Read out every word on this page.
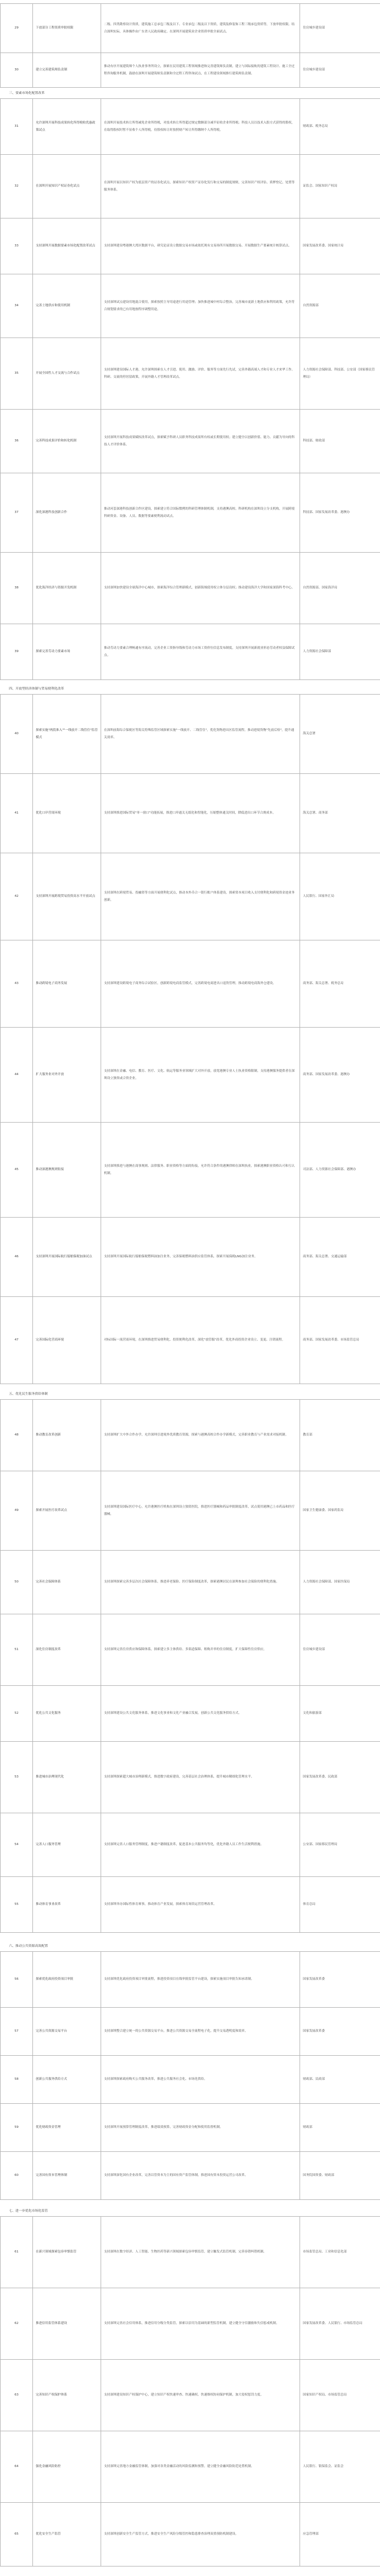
29	下放部分工程资质审批权限	二级、四类勘察设计资质，建筑施工总承包三级及以下、专业承包二级及以下资质，建筑装修装饰工程三级承包资质等，下放审批权限。结合深圳实际，具体操作由广东省人民政府确定。在深圳开展建筑业企业资质审批全面试点。	住房城乡建设部
30	建立完善建筑师负责制	推动有序开展建筑师个人执业事务所设立，探索在民用建筑工程领域推进和完善建筑师负责制，建立与国际接轨的建筑工程设计、施工全过程咨询服务机制，鼓励在深圳开展建筑师负责制和全过程工程咨询试点，在工程建设领域推行建筑师负责制。	住房城乡建设部
三、要素市场化配置改革
31	允许深圳开展科技成果转化所得税收优惠政策试点	在深圳开展技术转让所得减免企业所得税，对技术转让所得超过规定数额部分减半征收企业所得税；科技人员以技术入股方式获得的股权，在取得股权时暂不征收个人所得税，待股权转让时按照财产转让所得缴纳个人所得税。	财政部、税务总局
32	在深圳开展知识产权证券化试点	在深圳开展以知识产权为底层资产的证券化试点，探索知识产权资产证券化发行和交易的制度规则，完善知识产权评估、质押登记、处置等服务体系。	证监会、国家知识产权局
33	支持深圳开展数据要素市场化配置改革试点	支持深圳建设粤港澳大湾区数据平台，研究论证设立数据交易市场或依托现有交易场所开展数据交易。开展数据生产要素统计核算试点。	国家发展改革委、国家统计局
34	完善土地供应和使用机制	支持深圳试点建设用地混合使用，探索按照主导用途进行用途管理；加快推进城中村综合整治，完善城市更新土地供应和利用政策，允许符合规划要求的已有用地按程序调整用途。	自然资源部
35	开展全国性人才交流与合作试点	支持深圳建设国际人才港，允许深圳探索在人才引进、使用、激励、评价、服务等方面先行先试，完善外籍高端人才和专业人才来华工作、科研、交流的停居留政策，开展外籍人才管理改革试点。	人力资源社会保障部、科技部、公安部（国家移民管理局）
36	完善科技成果评价和转化机制	支持深圳开展科技成果赋权改革试点，探索赋予科研人员职务科技成果所有权或长期使用权；建立健全以创新价值、能力、贡献为导向的科技人才评价体系。	科技部、财政部
37	深化深港科技创新合作	推动河套深港科技创新合作区建设，探索建立符合国际惯例的科研管理体制机制，支持港澳高校、科研机构在深圳设立分支机构，开展跨境科研资金、设备、人员、数据等要素便利流动试点。	科技部、国家发展改革委、港澳办
38	优化海洋经济与资源开发机制	支持深圳加快建设全球海洋中心城市，探索海洋综合管理新模式，创新海域使用权立体分层设权；推动建设海洋大学和国家深海科考中心。	自然资源部、国家海洋局
39	探索完善劳动力要素市场	推动劳动力要素合理畅通有序流动，完善企业工资指导线和劳动力市场工资价位信息发布制度，支持深圳开展新就业形态劳动者权益保障试点。	人力资源社会保障部
四、开放型经济体制与贸易便利化改革
40	探索实施"两段准入""一线放开二线管住"监管模式	在深圳前海综合保税区等海关特殊监管区域探索实施"一线放开、二线管住"，优化货物进出区监管流程，推动进境货物"先放后检"，提升通关效率。	海关总署
41	优化口岸营商环境	支持深圳推进国际贸易"单一窗口"功能拓展，推进口岸通关无纸化和智能化，压缩整体通关时间，降低进出口环节合规成本。	海关总署、商务部
42	支持深圳开展跨境贸易投资高水平开放试点	支持深圳在跨境贸易、投融资等方面开展便利化试点，推动本外币合一银行账户体系建设，探索资本项目收入支付便利化和跨境资金池业务创新。	人民银行、国家外汇局
43	推动跨境电子商务发展	支持深圳建设跨境电子商务综合试验区，创新跨境电商监管模式，完善跨境电商进出口退货管理，推动跨境电商海外仓建设。	商务部、海关总署、税务总局
44	扩大服务业对外开放	支持深圳在金融、电信、教育、医疗、文化、航运等服务业领域扩大对外开放，放宽港澳专业人士执业资格限制，支持港澳服务提供者在深圳设立独资或合资企业。	商务部、国家发展改革委、港澳办
45	推动深港澳规则衔接	支持深圳推进与港澳在商事规则、法律服务、职业资格等方面的衔接，允许符合条件的港澳律师在深圳执业，探索港澳职业资格认可和互认机制。	司法部、人力资源社会保障部、港澳办
46	支持深圳开展国际航行船舶保税加油试点	支持深圳开展国际航行船舶保税燃料油加注业务，完善保税燃料油供应监管体系，探索开展保税LNG加注业务。	商务部、海关总署、交通运输部
47	完善国际化营商环境	对标国际一流营商环境，在深圳推进贸易便利化、投资便利化改革，深化"放管服"改革，优化外商投资企业设立、变更、注销流程。	商务部、国家发展改革委、市场监管总局
五、优化民生服务供给体制
48	推动教育改革创新	支持深圳扩大中外合作办学，允许深圳引进境外优质教育资源，探索与港澳高校合作办学新模式，完善职业教育与产业需求对接机制。	教育部
49	探索开展医疗改革试点	支持深圳建设国际医疗中心，允许港澳医疗机构在深圳设立独资医院，推进医疗器械和药品审批制度改革，试点使用港澳已上市药品和医疗器械。	国家卫生健康委、国家药监局
50	完善社会保障体系	支持深圳探索完善多层次社会保障体系，推进养老保险、医疗保险制度改革，探索港澳居民在深圳参加社会保险的便利化措施。	人力资源社会保障部、国家医保局
51	深化住房制度改革	支持深圳完善住房供应和保障体系，探索建立多主体供给、多渠道保障、租购并举的住房制度，扩大保障性住房供应。	住房城乡建设部
52	优化公共文化服务	支持深圳建设公共文化服务体系，推进文化事业和文化产业融合发展，创新公共文化服务供给方式。	文化和旅游部
53	推进城市治理现代化	支持深圳探索超大城市治理新模式，推进数字政府建设，完善基层社会治理体系，提升城市精细化管理水平。	国家发展改革委、民政部
54	完善人口服务管理	支持深圳完善人口服务管理制度，推进户籍制度改革，促进基本公共服务均等化，优化外籍人员工作生活便利措施。	公安部、国家移民管理局
55	推动体育事业改革	支持深圳举办国际性体育赛事，推动体育产业发展，探索体育场馆运营管理改革。	体育总局
六、推动公共资源高效配置
56	探索优化政府投资项目审批	支持深圳优化政府投资项目审批流程，推进投资项目在线审批监管平台建设，探索实施项目审批告知承诺制。	国家发展改革委
57	完善公共资源交易平台	支持深圳整合建立统一的公共资源交易平台，推进公共资源交易全流程电子化，提升交易透明度和效率。	国家发展改革委
58	创新公共服务供给方式	支持深圳探索政府购买公共服务改革，推进公共服务社会化、市场化供给。	财政部、民政部
59	优化财政资金管理	支持深圳开展预算管理制度改革，推进绩效预算，完善财政资金分配和使用监督机制。	财政部
60	完善国有资本管理体制	支持深圳深化国有企业改革，完善以管资本为主的国有资产监管体制，推进国有资本投资运营公司改革。	国务院国资委、财政部
七、进一步优化市场化监管
61	在新兴领域探索包容审慎监管	支持深圳在数字经济、人工智能、生物医药等新兴领域探索包容审慎监管，建立触发式监管机制，完善容错纠错机制。	市场监管总局、工业和信息化部
62	推进信用监管体系建设	支持深圳完善社会信用体系，推进信用分级分类监管，探索以信用为基础的新型监管机制，建立健全守信激励和失信惩戒机制。	国家发展改革委、人民银行、市场监管总局
63	完善知识产权保护体系	支持深圳建设知识产权保护中心，建立知识产权快速审查、快速确权、快速维权协同保护机制，加大侵权惩罚力度。	国家知识产权局、市场监管总局
64	强化金融风险防控	支持深圳完善地方金融监管体制，加强对各类金融活动的风险监测和预警，建立健全金融风险防范处置机制。	人民银行、银保监会、证监会
65	优化安全生产监管	支持深圳创新安全生产监管方式，推进安全生产风险分级管控和隐患排查治理双重预防机制建设。	应急管理部
